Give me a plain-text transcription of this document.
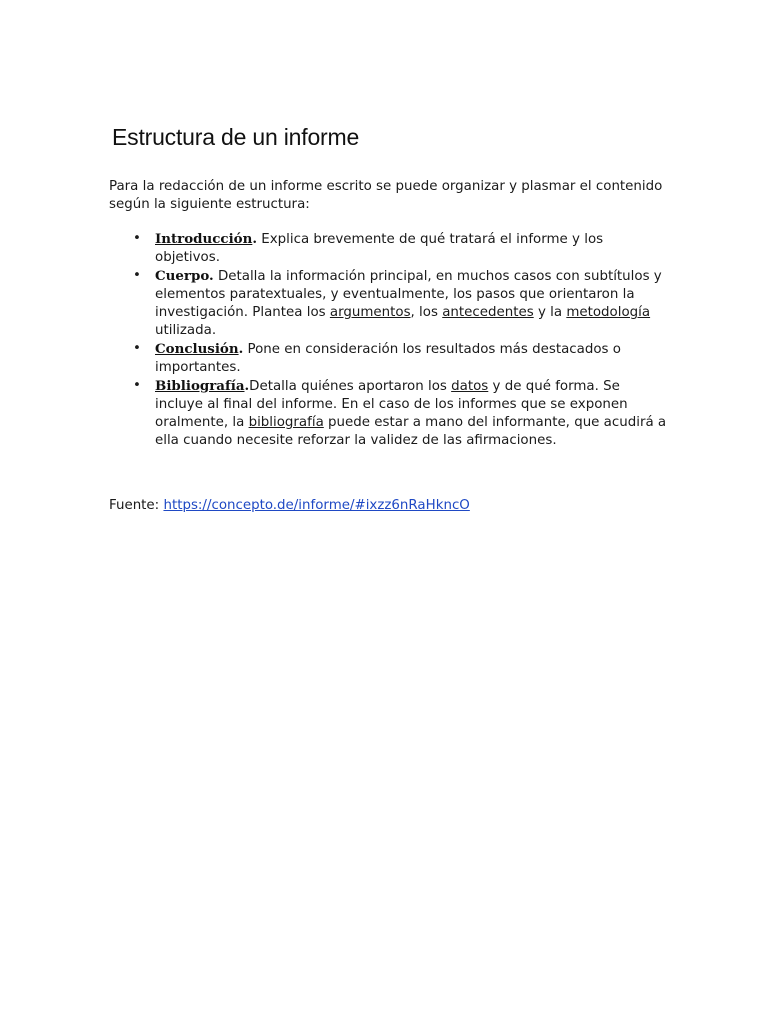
Estructura de un informe

Para la redacción de un informe escrito se puede organizar y plasmar el contenido según la siguiente estructura:

• Introducción. Explica brevemente de qué tratará el informe y los objetivos.
• Cuerpo. Detalla la información principal, en muchos casos con subtítulos y elementos paratextuales, y eventualmente, los pasos que orientaron la investigación. Plantea los argumentos, los antecedentes y la metodología utilizada.
• Conclusión. Pone en consideración los resultados más destacados o importantes.
• Bibliografía.Detalla quiénes aportaron los datos y de qué forma. Se incluye al final del informe. En el caso de los informes que se exponen oralmente, la bibliografía puede estar a mano del informante, que acudirá a ella cuando necesite reforzar la validez de las afirmaciones.

Fuente: https://concepto.de/informe/#ixzz6nRaHkncO
